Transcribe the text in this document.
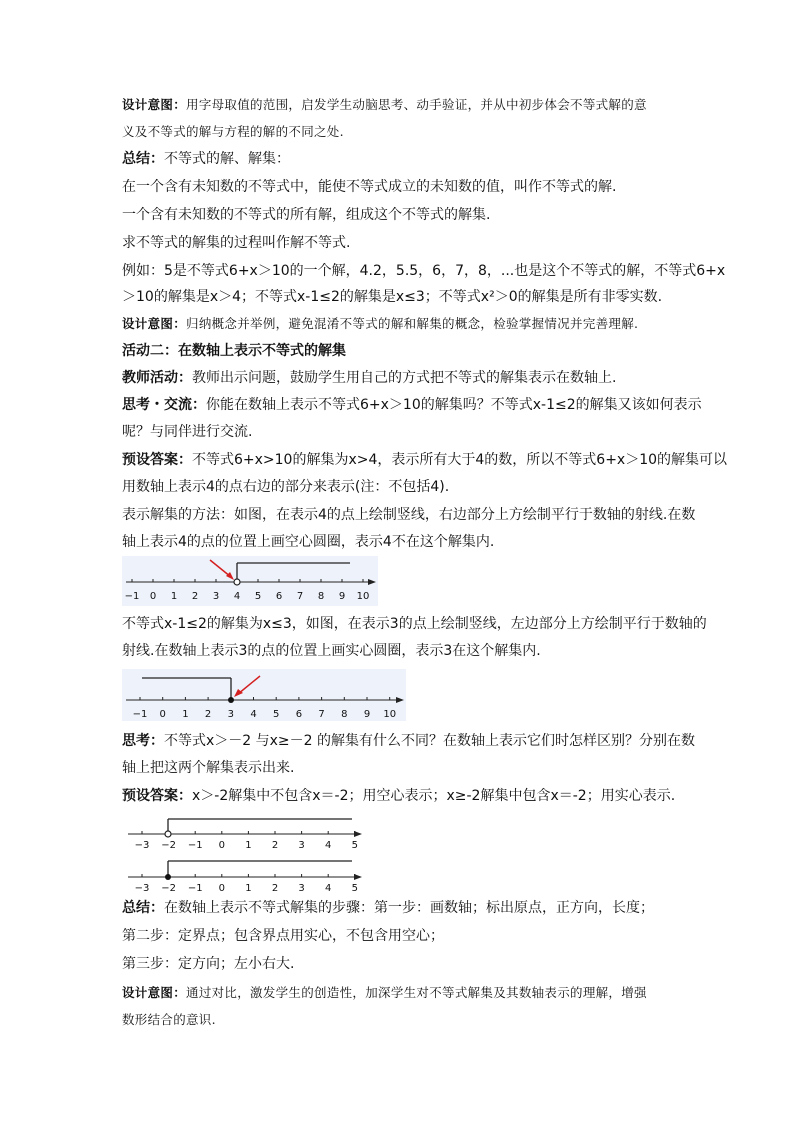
设计意图：用字母取值的范围，启发学生动脑思考、动手验证，并从中初步体会不等式解的意
义及不等式的解与方程的解的不同之处.
总结：不等式的解、解集：
在一个含有未知数的不等式中，能使不等式成立的未知数的值，叫作不等式的解.
一个含有未知数的不等式的所有解，组成这个不等式的解集.
求不等式的解集的过程叫作解不等式.
例如：5是不等式6+x＞10的一个解，4.2，5.5，6，7，8，...也是这个不等式的解，不等式6+x
＞10的解集是x＞4；不等式x-1≤2的解集是x≤3；不等式x²＞0的解集是所有非零实数.
设计意图：归纳概念并举例，避免混淆不等式的解和解集的概念，检验掌握情况并完善理解.
活动二：在数轴上表示不等式的解集
教师活动：教师出示问题，鼓励学生用自己的方式把不等式的解集表示在数轴上.
思考・交流：你能在数轴上表示不等式6+x＞10的解集吗？不等式x-1≤2的解集又该如何表示
呢？与同伴进行交流.
预设答案：不等式6+x>10的解集为x>4，表示所有大于4的数，所以不等式6+x＞10的解集可以
用数轴上表示4的点右边的部分来表示(注：不包括4).
表示解集的方法：如图，在表示4的点上绘制竖线，右边部分上方绘制平行于数轴的射线.在数
轴上表示4的点的位置上画空心圆圈，表示4不在这个解集内.
−1 0 1 2 3 4 5 6 7 8 9 10
不等式x-1≤2的解集为x≤3，如图，在表示3的点上绘制竖线，左边部分上方绘制平行于数轴的
射线.在数轴上表示3的点的位置上画实心圆圈，表示3在这个解集内.
−1 0 1 2 3 4 5 6 7 8 9 10
思考：不等式x＞－2 与x≥－2 的解集有什么不同？在数轴上表示它们时怎样区别？分别在数
轴上把这两个解集表示出来.
预设答案：x＞-2解集中不包含x＝-2；用空心表示；x≥-2解集中包含x＝-2；用实心表示.
−3 −2 −1 0 1 2 3 4 5
−3 −2 −1 0 1 2 3 4 5
总结：在数轴上表示不等式解集的步骤：第一步：画数轴；标出原点，正方向，长度；
第二步：定界点；包含界点用实心，不包含用空心；
第三步：定方向；左小右大.
设计意图：通过对比，激发学生的创造性，加深学生对不等式解集及其数轴表示的理解，增强
数形结合的意识.
